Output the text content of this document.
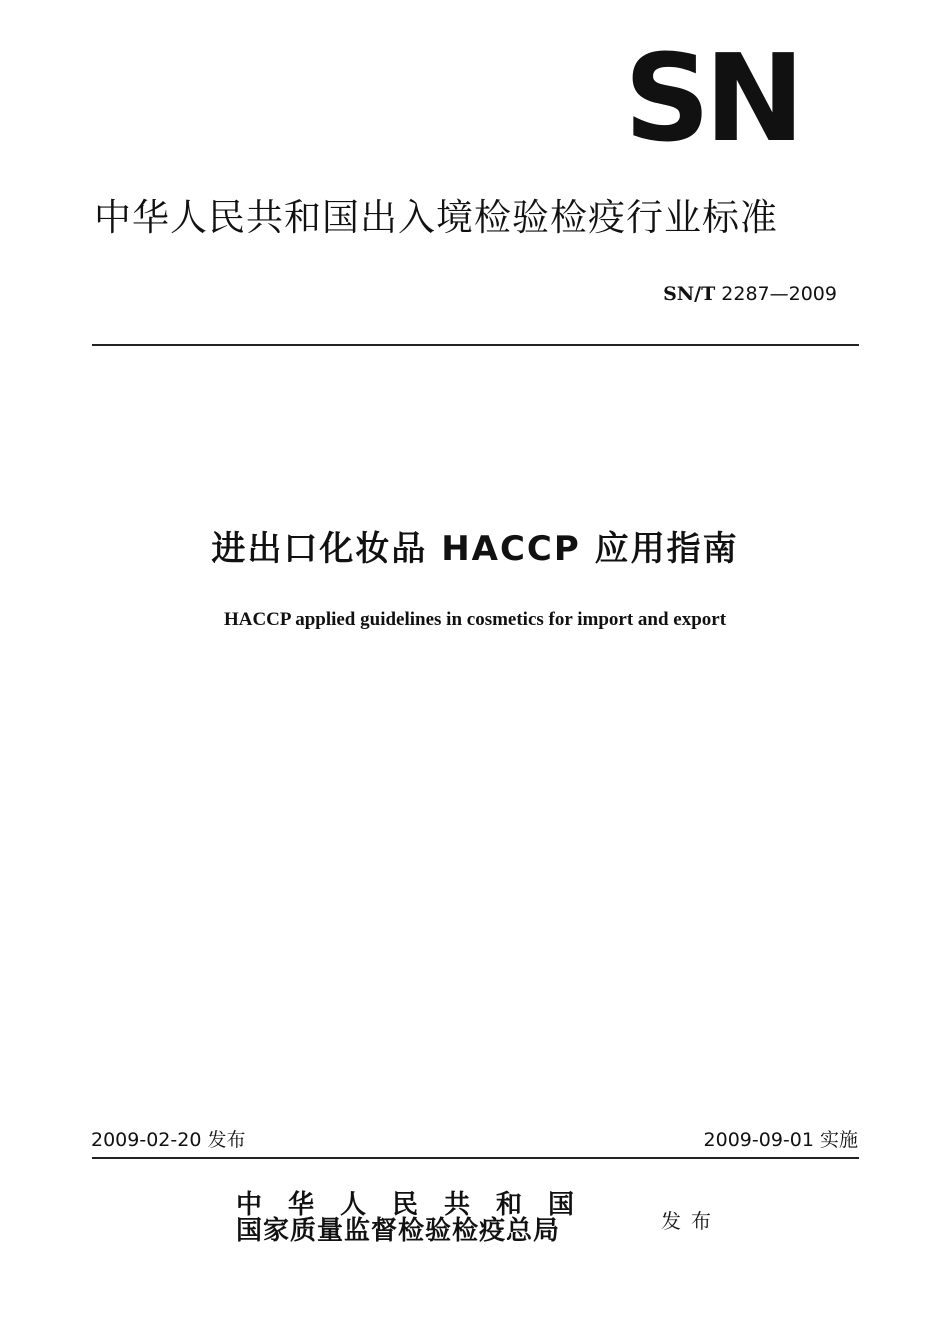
SN
中华人民共和国出入境检验检疫行业标准
SN/T 2287—2009
进出口化妆品 HACCP 应用指南
HACCP applied guidelines in cosmetics for import and export
2009-02-20 发布	2009-09-01 实施
中华人民共和国
国家质量监督检验检疫总局	发布
